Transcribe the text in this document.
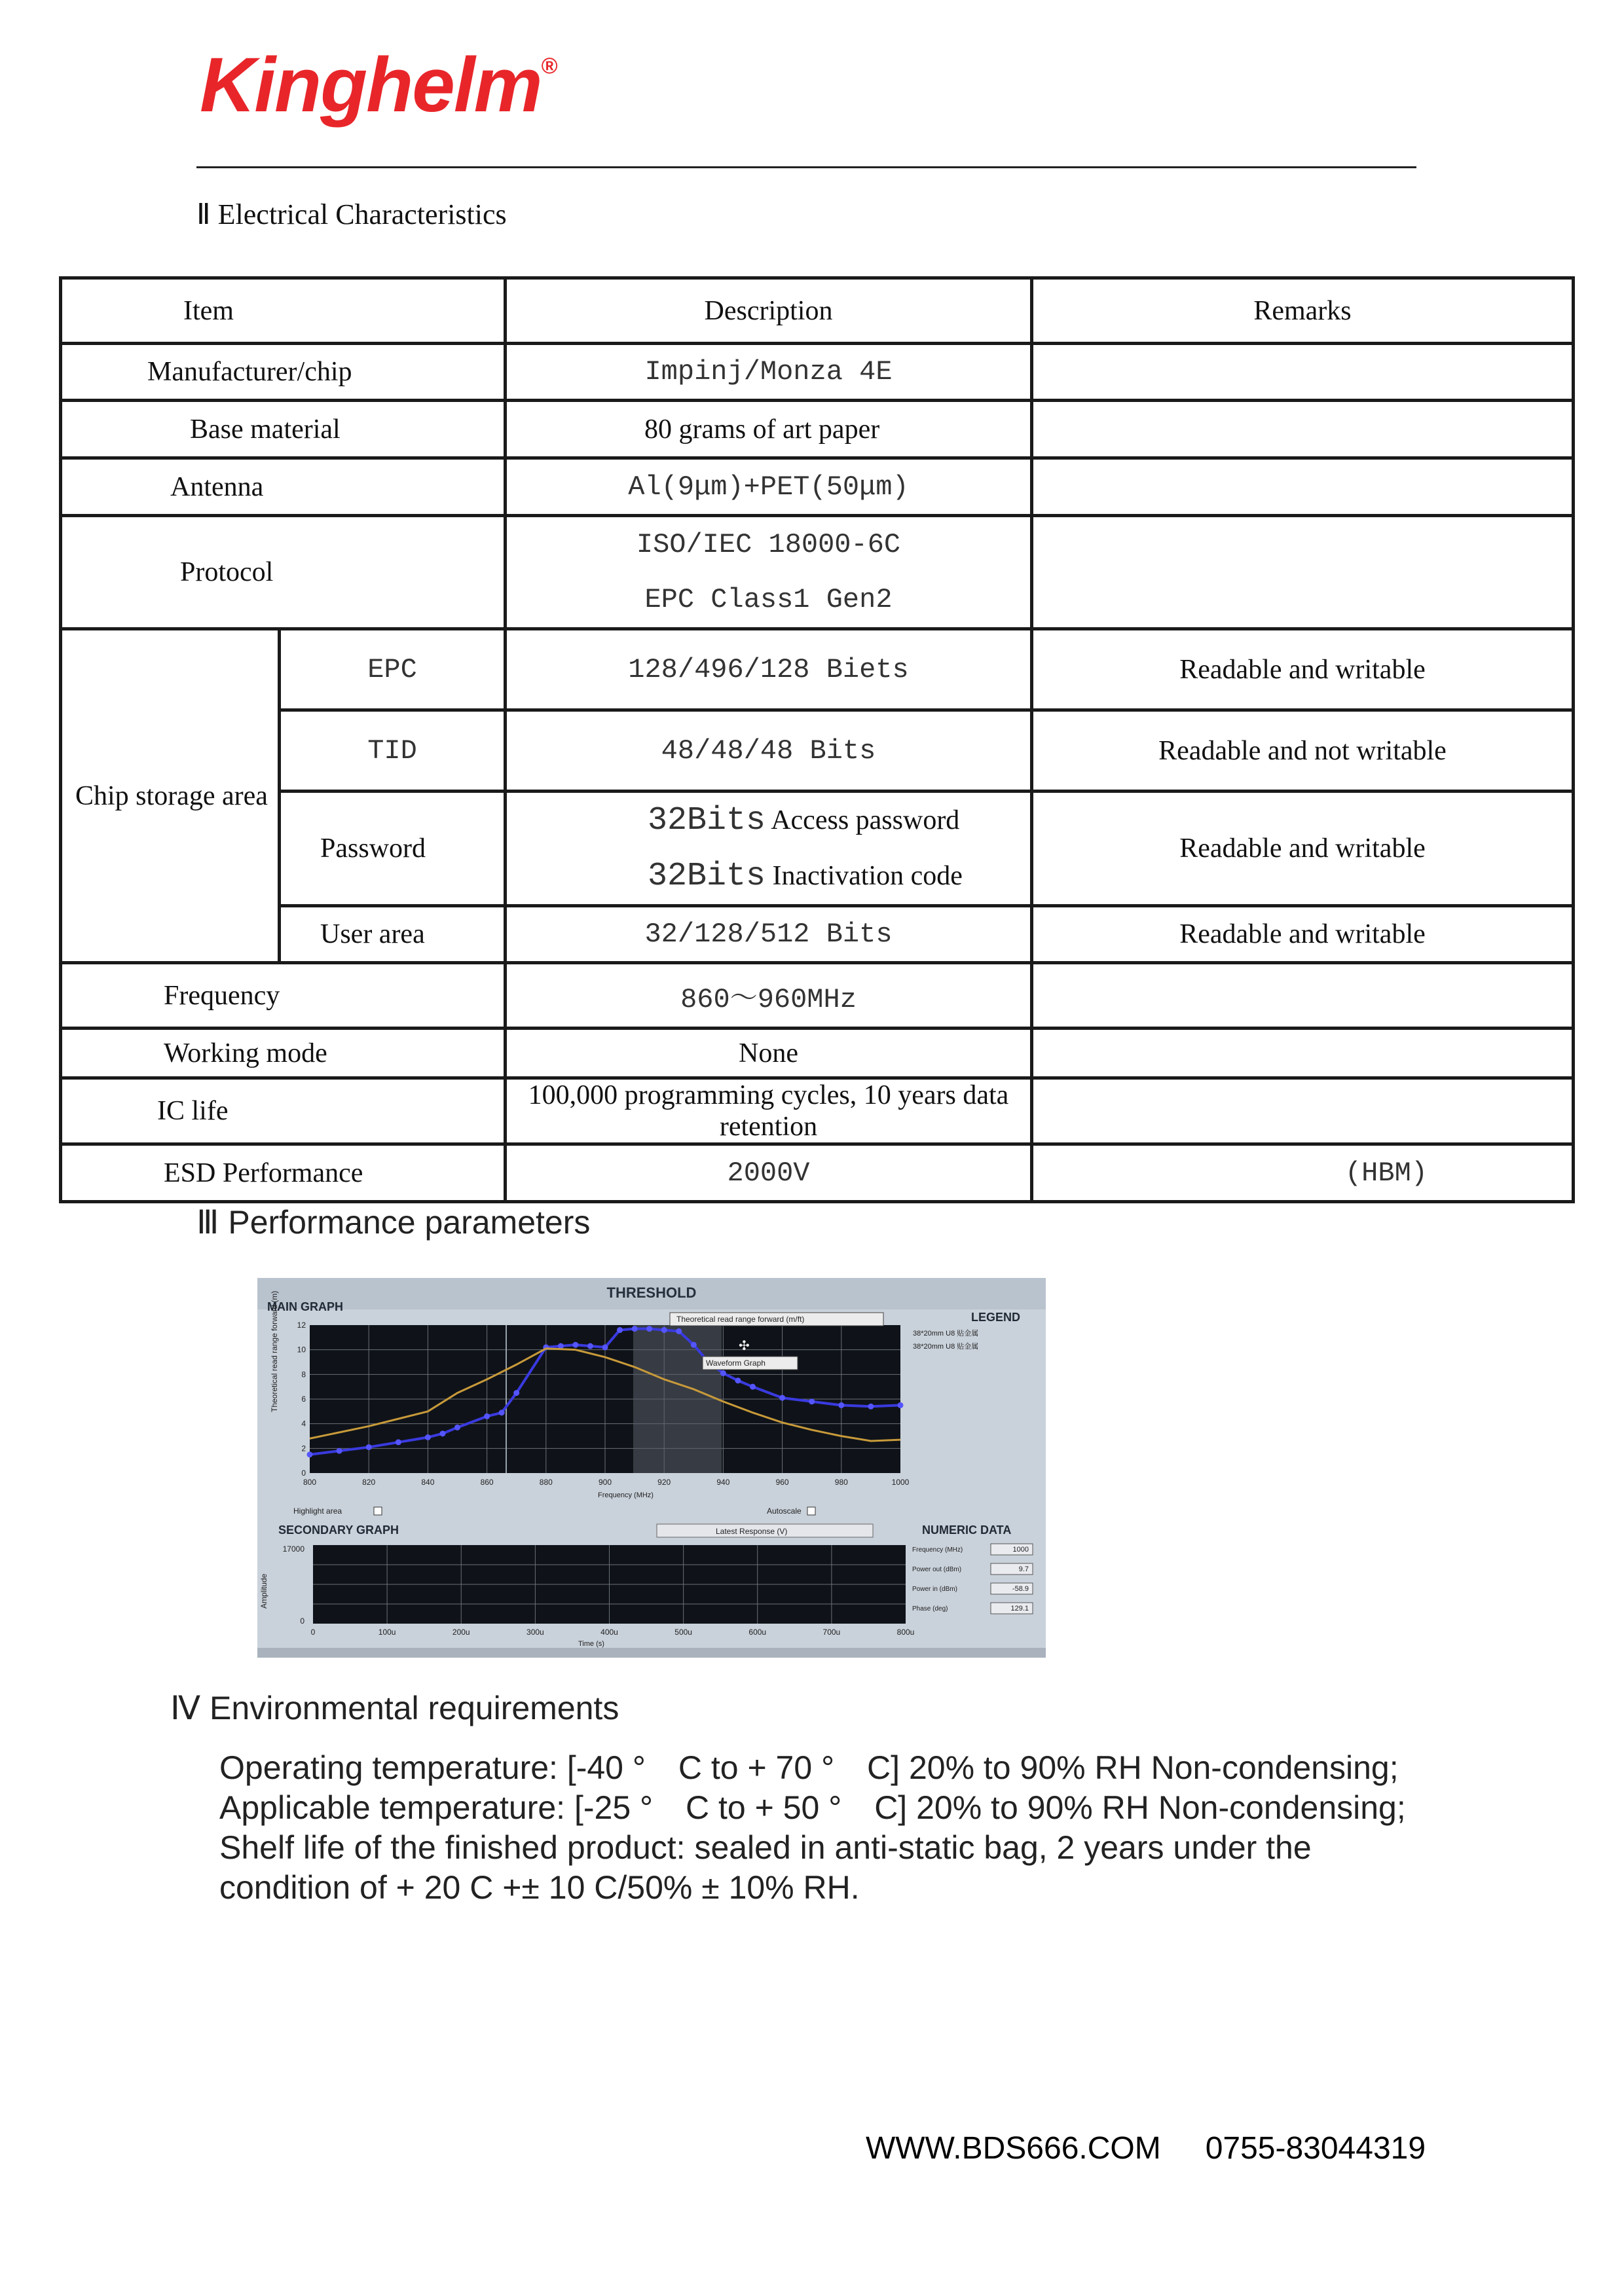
Kinghelm®
Ⅱ Electrical Characteristics
Item		Description	Remarks
Manufacturer/chip		Impinj/Monza 4E	
Base material		80 grams of art paper	
Antenna		Al(9μm)+PET(50μm)	
Protocol		ISO/IEC 18000-6C
EPC Class1 Gen2	

Chip storage area	EPC	128/496/128 Biets	Readable and writable
	TID	48/48/48 Bits	Readable and not writable
	Password	32Bits Access password
32Bits Inactivation code	Readable and writable
	User area	32/128/512 Bits	Readable and writable
Frequency		860～960MHz	
Working mode		None	
IC life		100,000 programming cycles, 10 years data retention	
ESD Performance		2000V	(HBM)
Ⅲ Performance parameters
THRESHOLD
MAIN GRAPH
LEGEND
38*20mm U8 贴金属
38*20mm U8 贴金属
12
10
8
6
4
2
0
800	820	840	860	880	900	920	940	960	980	1000
Theoretical read range forward (m)
Frequency (MHz)
Theoretical read range forward (m/ft)
Waveform Graph
✣
Highlight area	Autoscale
SECONDARY GRAPH	Latest Response (V)	NUMERIC DATA
17000
0
Amplitude
0	100u	200u	300u	400u	500u	600u	700u	800u
Time (s)
Frequency (MHz)	1000
Power out (dBm)	9.7
Power in (dBm)	-58.9
Phase (deg)	129.1
Ⅳ Environmental requirements
Operating temperature: [-40 °　C to + 70 °　C] 20% to 90% RH Non-condensing;
Applicable temperature: [-25 °　C to + 50 °　C] 20% to 90% RH Non-condensing;
Shelf life of the finished product: sealed in anti-static bag, 2 years under the
condition of + 20 C +± 10 C/50% ± 10% RH.
WWW.BDS666.COM 0755-83044319
